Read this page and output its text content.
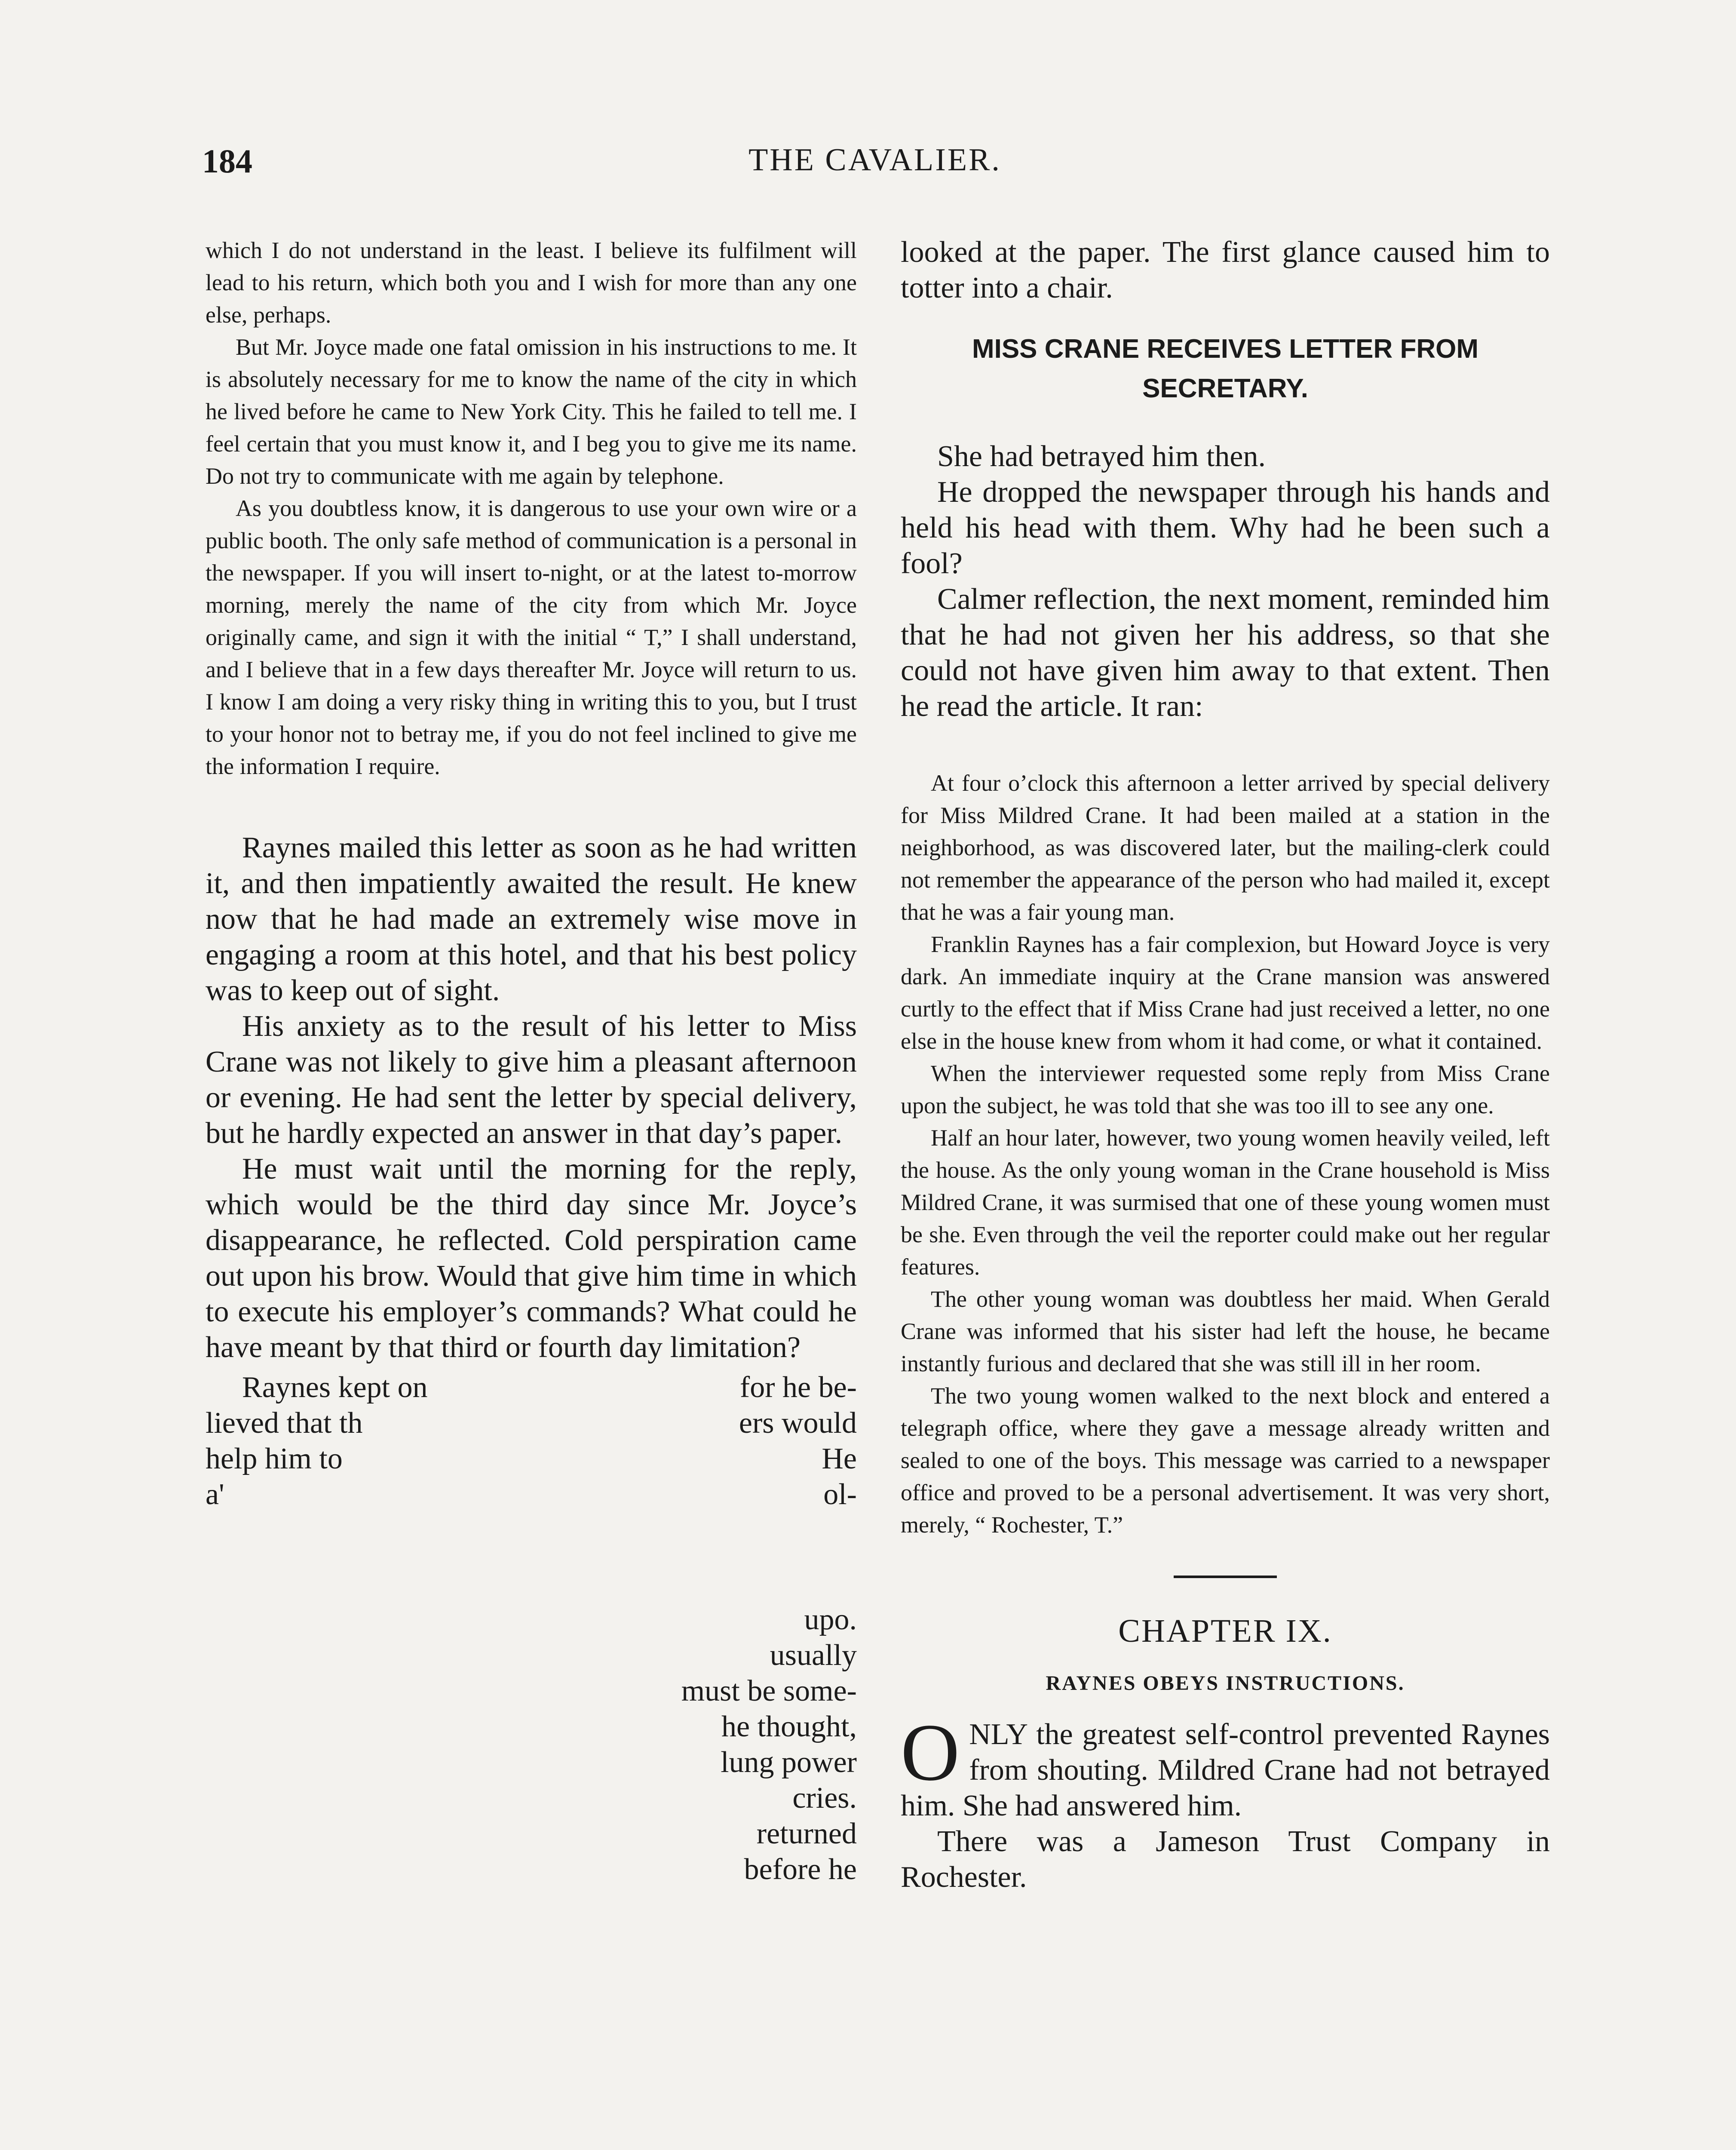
184	THE CAVALIER.

which I do not understand in the least. I believe its fulfilment will lead to his return, which both you and I wish for more than any one else, perhaps.

But Mr. Joyce made one fatal omission in his instructions to me. It is absolutely necessary for me to know the name of the city in which he lived before he came to New York City. This he failed to tell me. I feel certain that you must know it, and I beg you to give me its name. Do not try to communicate with me again by telephone.

As you doubtless know, it is dangerous to use your own wire or a public booth. The only safe method of communication is a personal in the newspaper. If you will insert to-night, or at the latest to-morrow morning, merely the name of the city from which Mr. Joyce originally came, and sign it with the initial “ T,” I shall understand, and I believe that in a few days thereafter Mr. Joyce will return to us. I know I am doing a very risky thing in writing this to you, but I trust to your honor not to betray me, if you do not feel inclined to give me the information I require.

Raynes mailed this letter as soon as he had written it, and then impatiently awaited the result. He knew now that he had made an extremely wise move in engaging a room at this hotel, and that his best policy was to keep out of sight.

His anxiety as to the result of his letter to Miss Crane was not likely to give him a pleasant afternoon or evening. He had sent the letter by special delivery, but he hardly expected an answer in that day’s paper.

He must wait until the morning for the reply, which would be the third day since Mr. Joyce’s disappearance, he reflected. Cold perspiration came out upon his brow. Would that give him time in which to execute his employer’s commands? What could he have meant by that third or fourth day limitation?

Raynes kept on
lieved that th
help him to
a'
for he be-
ers would
He
ol-
upo.
usually
must be some-
he thought,
lung power
cries.
returned
before he

looked at the paper. The first glance caused him to totter into a chair.

MISS CRANE RECEIVES LETTER FROM SECRETARY.

She had betrayed him then.

He dropped the newspaper through his hands and held his head with them. Why had he been such a fool?

Calmer reflection, the next moment, reminded him that he had not given her his address, so that she could not have given him away to that extent. Then he read the article. It ran:

At four o’clock this afternoon a letter arrived by special delivery for Miss Mildred Crane. It had been mailed at a station in the neighborhood, as was discovered later, but the mailing-clerk could not remember the appearance of the person who had mailed it, except that he was a fair young man.

Franklin Raynes has a fair complexion, but Howard Joyce is very dark. An immediate inquiry at the Crane mansion was answered curtly to the effect that if Miss Crane had just received a letter, no one else in the house knew from whom it had come, or what it contained.

When the interviewer requested some reply from Miss Crane upon the subject, he was told that she was too ill to see any one.

Half an hour later, however, two young women heavily veiled, left the house. As the only young woman in the Crane household is Miss Mildred Crane, it was surmised that one of these young women must be she. Even through the veil the reporter could make out her regular features.

The other young woman was doubtless her maid. When Gerald Crane was informed that his sister had left the house, he became instantly furious and declared that she was still ill in her room.

The two young women walked to the next block and entered a telegraph office, where they gave a message already written and sealed to one of the boys. This message was carried to a newspaper office and proved to be a personal advertisement. It was very short, merely, “ Rochester, T.”

CHAPTER IX.
RAYNES OBEYS INSTRUCTIONS.

ONLY the greatest self-control prevented Raynes from shouting. Mildred Crane had not betrayed him. She had answered him.

There was a Jameson Trust Company in Rochester.
